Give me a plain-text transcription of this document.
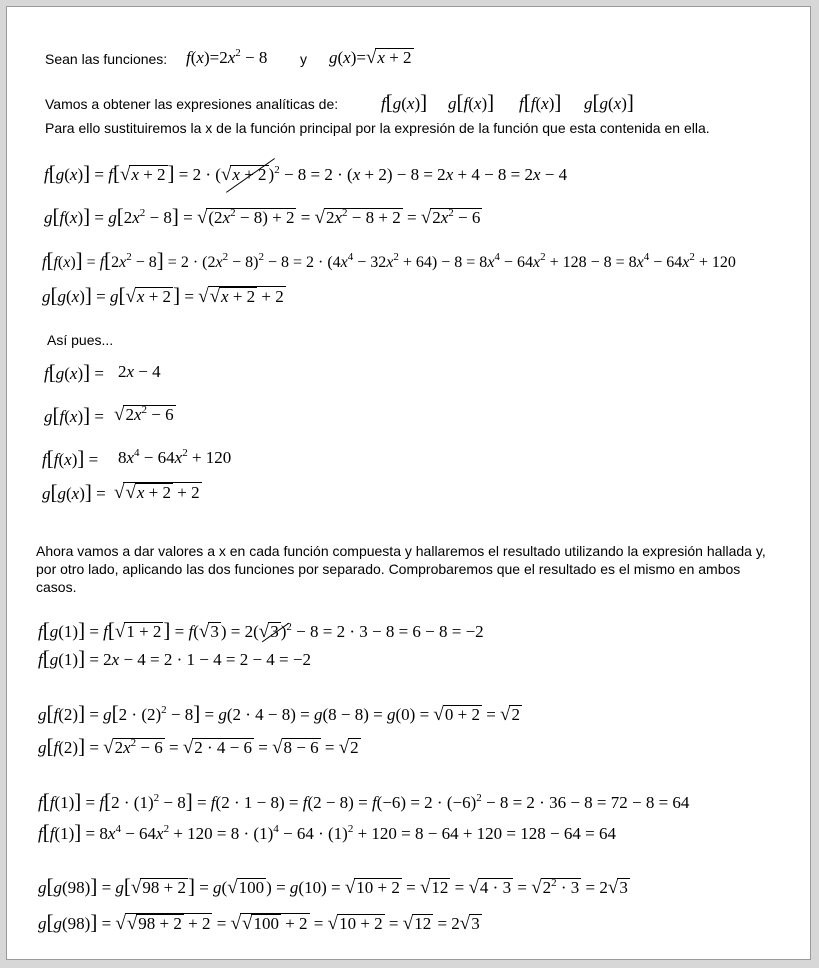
Sean las funciones: $f(x)=2x^2 - 8$ y g(x)=√x + 2
Vamos a obtener las expresiones analíticas de:	f[g(x)] g[f(x)] f[f(x)] g[g(x)]
Para ello sustituiremos la x de la función principal por la expresión de la función que esta contenida en ella.
f[g(x)] = f[√x + 2] = 2 · (√x + 2 )$^2$ − 8 = 2 · (x + 2) − 8 = 2x + 4 − 8 = 2x − 4
$g[f(x)] = g[2x^2 - 8] = √(2x^2 - 8) + 2 = √2x^2 - 8 + 2 = √2x^2 - 6$
$f[f(x)] = f[2x^2 - 8] = 2 \cdot (2x^2 - 8)^2 - 8 = 2 \cdot (4x^4 - 32x^2 + 64) - 8 = 8x^4 - 64x^2 + 128 - 8 = 8x^4 - 64x^2 + 120$
g[g(x)] = g[√x + 2] = √√x + 2 + 2
Así pues...
f[g(x)] = 2x − 4
$g[f(x)] = √2x^2 - 6$
$f[f(x)] = 8x^4 - 64x^2 + 120$
g[g(x)] = √√x + 2 + 2
Ahora vamos a dar valores a x en cada función compuesta y hallaremos el resultado utilizando la expresión hallada y, por otro lado, aplicando las dos funciones por separado. Comprobaremos que el resultado es el mismo en ambos casos.
f[g(1)] = f[√1 + 2] = f(√3 ) = 2(√3 )$^2$ − 8 = 2 · 3 − 8 = 6 − 8 = −2
f[g(1)] = 2x − 4 = 2 · 1 − 4 = 2 − 4 = −2
$g[f(2)] = g[2 \cdot (2)^2 - 8] = g(2 \cdot 4 - 8) = g(8 - 8) = g(0) = √0 + 2 = √2$
$g[f(2)] = √2x^2 - 6 = √2 \cdot 4 - 6 = √8 - 6 = √2$
$f[f(1)] = f[2 \cdot (1)^2 - 8] = f(2 \cdot 1 - 8) = f(2 - 8) = f(-6) = 2 \cdot (-6)^2 - 8 = 2 \cdot 36 - 8 = 72 - 8 = 64$
$f[f(1)] = 8x^4 - 64x^2 + 120 = 8 \cdot (1)^4 - 64 \cdot (1)^2 + 120 = 8 - 64 + 120 = 128 - 64 = 64$
g[g(98)] = g[√98 + 2] = g(√100 ) = $g(10) = √10 + 2 = √12 = √4 \cdot 3 = √2^2 \cdot 3 = 2√3$
g[g(98)] = √√98 + 2 + 2 = √√100 + 2 = √10 + 2 = √12 = 2√3
